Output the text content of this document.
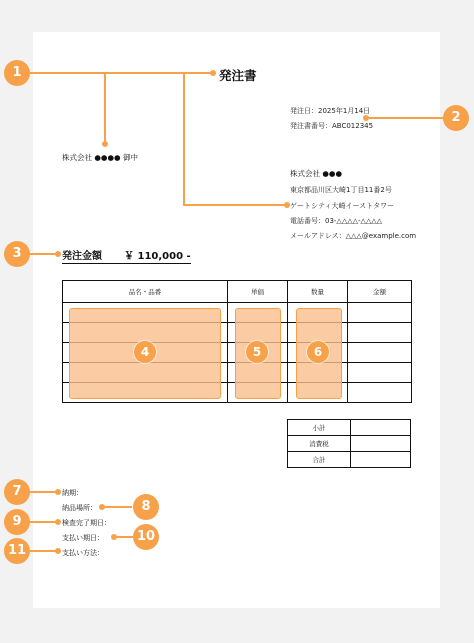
発注書
発注日：2025年1月14日
発注書番号：ABC012345
株式会社 ●●●● 御中
株式会社 ●●●
東京都品川区大崎1丁目11番2号
ゲートシティ大崎イーストタワー
電話番号：03-△△△△-△△△△
メールアドレス：△△△@example.com
発注金額 ￥ 110,000 -
品名・品番	単価	数量	金額

小計	
消費税	
合計	
納期：
納品場所：
検査完了期日：
支払い期日：
支払い方法：
1
2
3
4	5	6
7
8
9
10
11
